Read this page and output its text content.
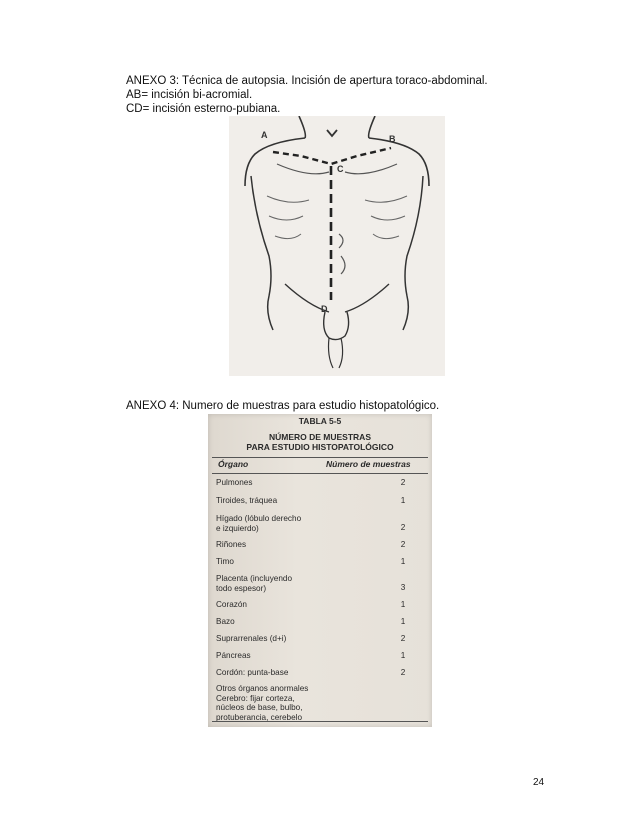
ANEXO 3: Técnica de autopsia. Incisión de apertura toraco-abdominal.
AB= incisión bi-acromial.
CD= incisión esterno-pubiana.
A	B
C
D
ANEXO 4: Numero de muestras para estudio histopatológico.
TABLA 5-5
NÚMERO DE MUESTRAS
PARA ESTUDIO HISTOPATOLÓGICO
Órgano	Número de muestras
Pulmones	2
Tiroides, tráquea	1
Hígado (lóbulo derecho
e izquierdo)	2
Riñones	2
Timo	1
Placenta (incluyendo
todo espesor)	3
Corazón	1
Bazo	1
Suprarrenales (d+i)	2
Páncreas	1
Cordón: punta-base	2
Otros órganos anormales
Cerebro: fijar corteza,
núcleos de base, bulbo,
protuberancia, cerebelo
24
